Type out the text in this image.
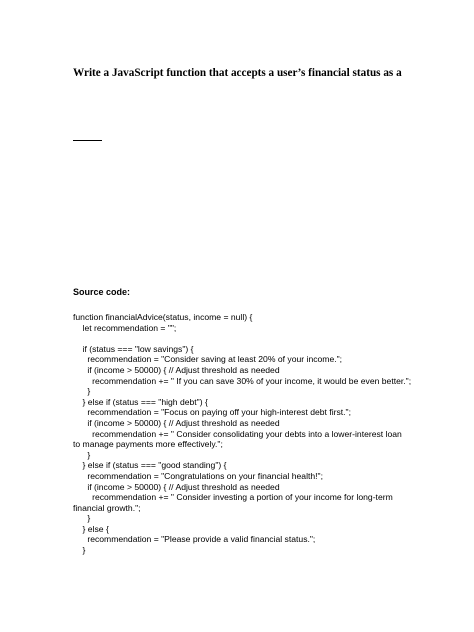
Write a JavaScript function that accepts a user’s financial status as a

Source code:

function financialAdvice(status, income = null) {
let recommendation = "";
if (status === "low savings") {
recommendation = "Consider saving at least 20% of your income.";
if (income > 50000) { // Adjust threshold as needed
recommendation += " If you can save 30% of your income, it would be even better.";
}
} else if (status === "high debt") {
recommendation = "Focus on paying off your high-interest debt first.";
if (income > 50000) { // Adjust threshold as needed
recommendation += " Consider consolidating your debts into a lower-interest loan
to manage payments more effectively.";
}
} else if (status === "good standing") {
recommendation = "Congratulations on your financial health!";
if (income > 50000) { // Adjust threshold as needed
recommendation += " Consider investing a portion of your income for long-term
financial growth.";
}
} else {
recommendation = "Please provide a valid financial status.";
}
